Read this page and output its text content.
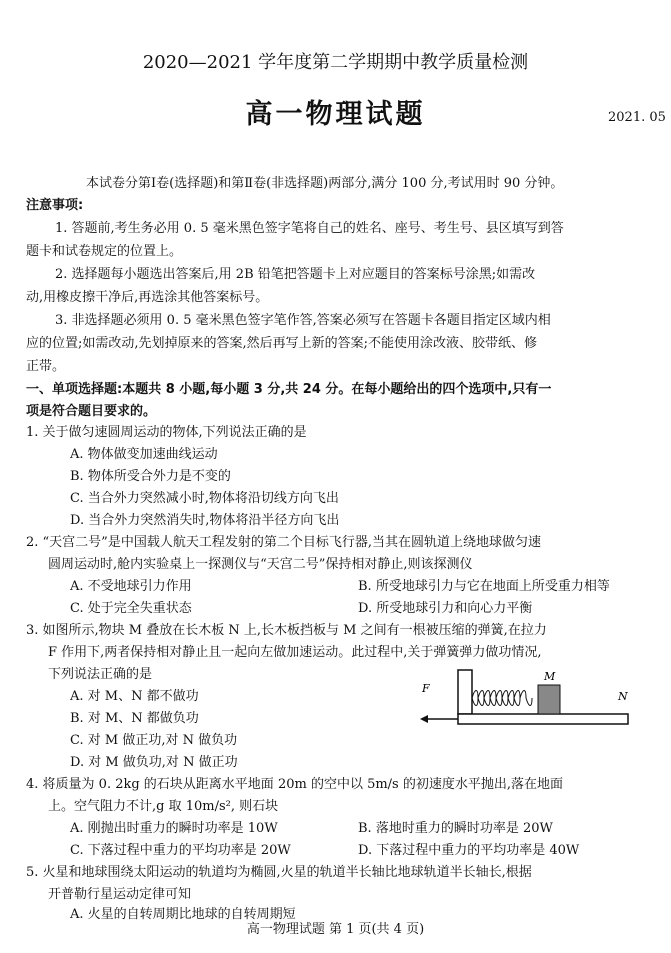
2020—2021 学年度第二学期期中教学质量检测
高一物理试题	2021. 05
本试卷分第Ⅰ卷(选择题)和第Ⅱ卷(非选择题)两部分,满分 100 分,考试用时 90 分钟。
注意事项:
1. 答题前,考生务必用 0. 5 毫米黑色签字笔将自己的姓名、座号、考生号、县区填写到答
题卡和试卷规定的位置上。
2. 选择题每小题选出答案后,用 2B 铅笔把答题卡上对应题目的答案标号涂黑;如需改
动,用橡皮擦干净后,再选涂其他答案标号。
3. 非选择题必须用 0. 5 毫米黑色签字笔作答,答案必须写在答题卡各题目指定区域内相
应的位置;如需改动,先划掉原来的答案,然后再写上新的答案;不能使用涂改液、胶带纸、修
正带。
一、单项选择题:本题共 8 小题,每小题 3 分,共 24 分。在每小题给出的四个选项中,只有一
项是符合题目要求的。
1. 关于做匀速圆周运动的物体,下列说法正确的是
A. 物体做变加速曲线运动
B. 物体所受合外力是不变的
C. 当合外力突然减小时,物体将沿切线方向飞出
D. 当合外力突然消失时,物体将沿半径方向飞出
2. “天宫二号”是中国载人航天工程发射的第二个目标飞行器,当其在圆轨道上绕地球做匀速
圆周运动时,舱内实验桌上一探测仪与“天宫二号”保持相对静止,则该探测仪
A. 不受地球引力作用	B. 所受地球引力与它在地面上所受重力相等
C. 处于完全失重状态	D. 所受地球引力和向心力平衡
3. 如图所示,物块 M 叠放在长木板 N 上,长木板挡板与 M 之间有一根被压缩的弹簧,在拉力
F 作用下,两者保持相对静止且一起向左做加速运动。此过程中,关于弹簧弹力做功情况,
下列说法正确的是
A. 对 M、N 都不做功
B. 对 M、N 都做负功
C. 对 M 做正功,对 N 做负功
D. 对 M 做负功,对 N 做正功
F
M
N
4. 将质量为 0. 2kg 的石块从距离水平地面 20m 的空中以 5m/s 的初速度水平抛出,落在地面
上。空气阻力不计,g 取 10m/s², 则石块
A. 刚抛出时重力的瞬时功率是 10W	B. 落地时重力的瞬时功率是 20W
C. 下落过程中重力的平均功率是 20W	D. 下落过程中重力的平均功率是 40W
5. 火星和地球围绕太阳运动的轨道均为椭圆,火星的轨道半长轴比地球轨道半长轴长,根据
开普勒行星运动定律可知
A. 火星的自转周期比地球的自转周期短
高一物理试题 第 1 页(共 4 页)
